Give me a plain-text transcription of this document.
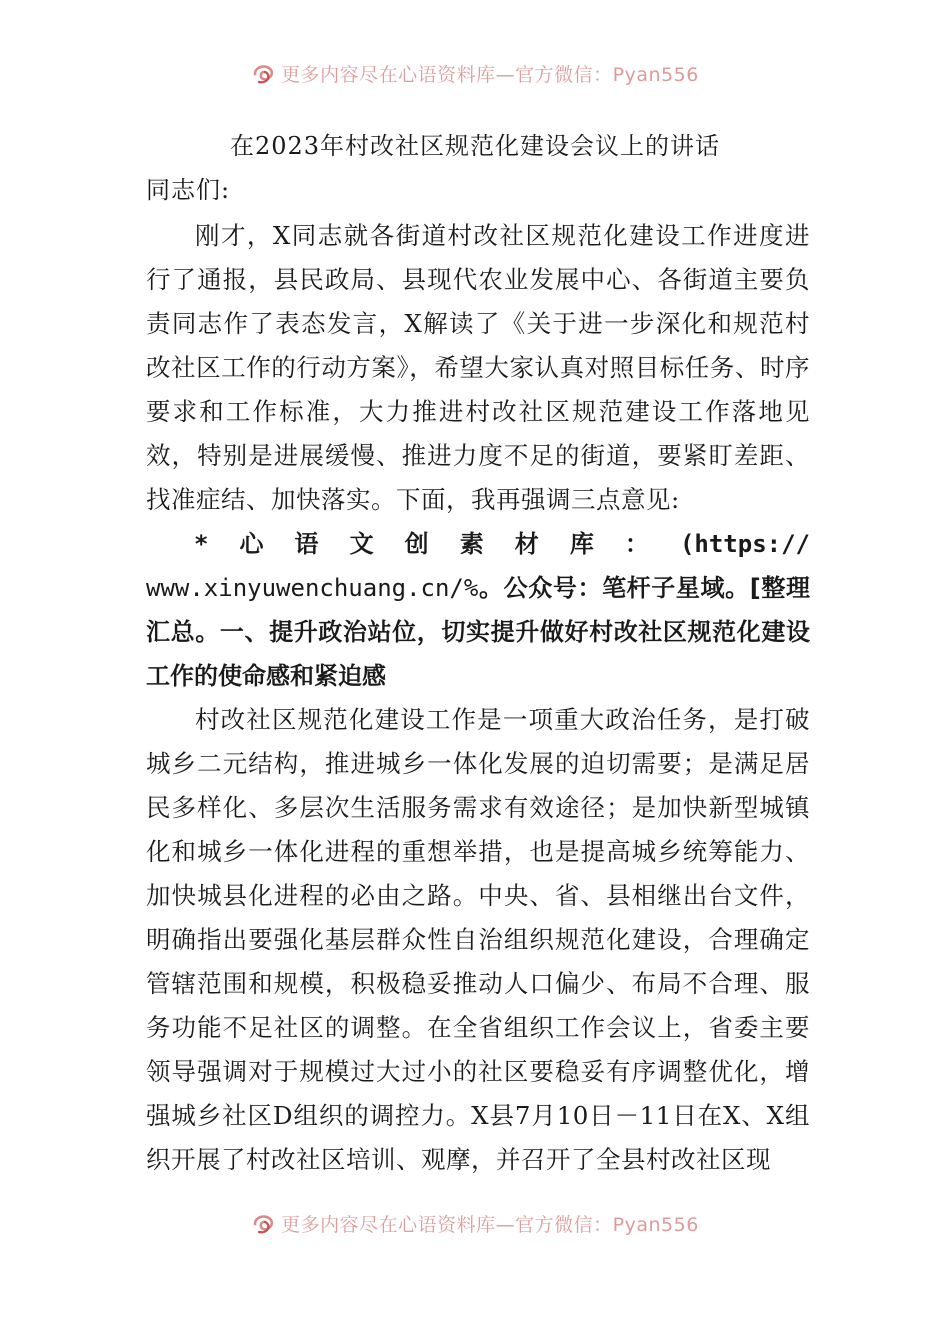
更多内容尽在心语资料库—官方微信：Pyan556
在2023年村改社区规范化建设会议上的讲话
同志们:

刚才，X同志就各街道村改社区规范化建设工作进度进行了通报，县民政局、县现代农业发展中心、各街道主要负责同志作了表态发言，X解读了《关于进一步深化和规范村改社区工作的行动方案》，希望大家认真对照目标任务、时序要求和工作标准，大力推进村改社区规范建设工作落地见效，特别是进展缓慢、推进力度不足的街道，要紧盯差距、找准症结、加快落实。下面，我再强调三点意见:

*心语文创素材库：(https://

www.xinyuwenchuang.cn/%。公众号：笔杆子星域。[整理汇总。一、提升政治站位，切实提升做好村改社区规范化建设工作的使命感和紧迫感

村改社区规范化建设工作是一项重大政治任务，是打破城乡二元结构，推进城乡一体化发展的迫切需要；是满足居民多样化、多层次生活服务需求有效途径；是加快新型城镇化和城乡一体化进程的重想举措，也是提高城乡统筹能力、加快城县化进程的必由之路。中央、省、县相继出台文件，明确指出要强化基层群众性自治组织规范化建设，合理确定管辖范围和规模，积极稳妥推动人口偏少、布局不合理、服务功能不足社区的调整。在全省组织工作会议上，省委主要领导强调对于规模过大过小的社区要稳妥有序调整优化，增强城乡社区D组织的调控力。X县7月10日－11日在X、X组织开展了村改社区培训、观摩，并召开了全县村改社区现

更多内容尽在心语资料库—官方微信：Pyan556
